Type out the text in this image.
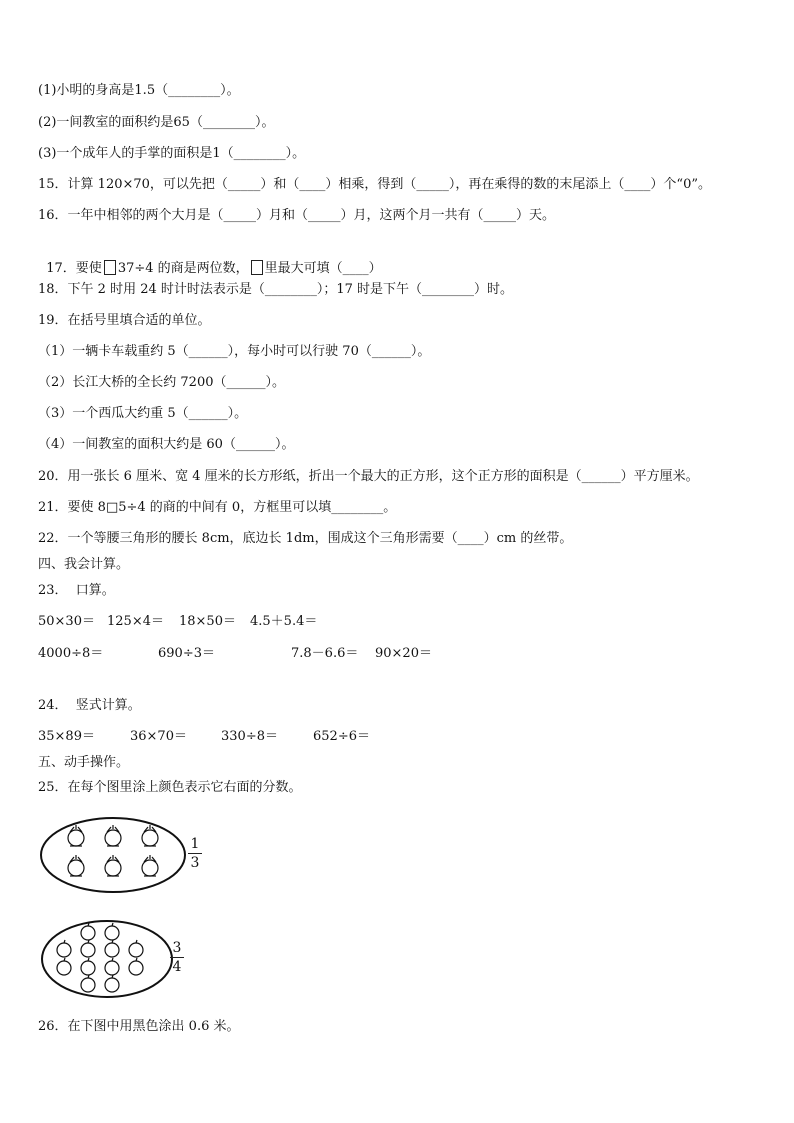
(1)小明的身高是1.5（________）。
(2)一间教室的面积约是65（________）。
(3)一个成年人的手掌的面积是1（________）。
15．计算 120×70，可以先把（_____）和（____）相乘，得到（_____），再在乘得的数的末尾添上（____）个“0”。
16．一年中相邻的两个大月是（_____）月和（_____）月，这两个月一共有（_____）天。

17．要使 37÷4 的商是两位数， 里最大可填（____）

18．下午 2 时用 24 时计时法表示是（________）；17 时是下午（________）时。
19．在括号里填合适的单位。
（1）一辆卡车载重约 5（______），每小时可以行驶 70（______）。
（2）长江大桥的全长约 7200（______）。
（3）一个西瓜大约重 5（______）。
（4）一间教室的面积大约是 60（______）。
20．用一张长 6 厘米、宽 4 厘米的长方形纸，折出一个最大的正方形，这个正方形的面积是（______）平方厘米。
21．要使 8□5÷4 的商的中间有 0，方框里可以填________。
22．一个等腰三角形的腰长 8cm，底边长 1dm，围成这个三角形需要（____）cm 的丝带。
四、我会计算。
23．  口算。
50×30＝ 125×4＝ 18×50＝ 4.5＋5.4＝
4000÷8＝	690÷3＝	7.8－6.6＝ 90×20＝
24．  竖式计算。
35×89＝	36×70＝	330÷8＝	652÷6＝
五、动手操作。
25．在每个图里涂上颜色表示它右面的分数。
1
3
3
4
26．在下图中用黑色涂出 0.6 米。
